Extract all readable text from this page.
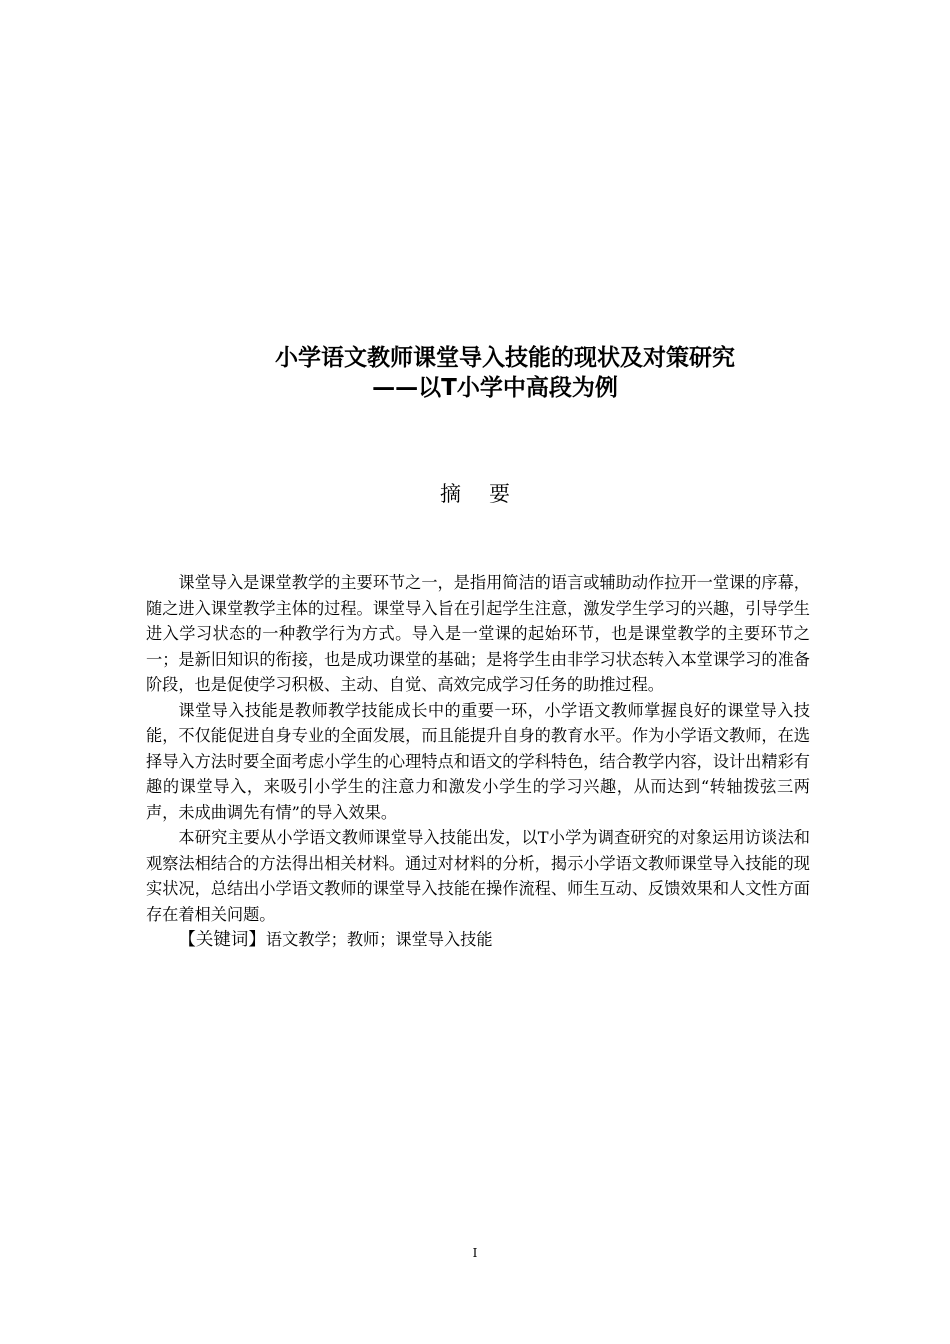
小学语文教师课堂导入技能的现状及对策研究
——以T小学中高段为例
摘要

课堂导入是课堂教学的主要环节之一，是指用简洁的语言或辅助动作拉开一堂课的序幕，随之进入课堂教学主体的过程。课堂导入旨在引起学生注意，激发学生学习的兴趣，引导学生进入学习状态的一种教学行为方式。导入是一堂课的起始环节，也是课堂教学的主要环节之一；是新旧知识的衔接，也是成功课堂的基础；是将学生由非学习状态转入本堂课学习的准备阶段，也是促使学习积极、主动、自觉、高效完成学习任务的助推过程。

课堂导入技能是教师教学技能成长中的重要一环，小学语文教师掌握良好的课堂导入技能，不仅能促进自身专业的全面发展，而且能提升自身的教育水平。作为小学语文教师，在选择导入方法时要全面考虑小学生的心理特点和语文的学科特色，结合教学内容，设计出精彩有趣的课堂导入，来吸引小学生的注意力和激发小学生的学习兴趣，从而达到“转轴拨弦三两声，未成曲调先有情”的导入效果。

本研究主要从小学语文教师课堂导入技能出发，以T小学为调查研究的对象运用访谈法和观察法相结合的方法得出相关材料。通过对材料的分析，揭示小学语文教师课堂导入技能的现实状况，总结出小学语文教师的课堂导入技能在操作流程、师生互动、反馈效果和人文性方面存在着相关问题。

【关键词】语文教学；教师；课堂导入技能

I
